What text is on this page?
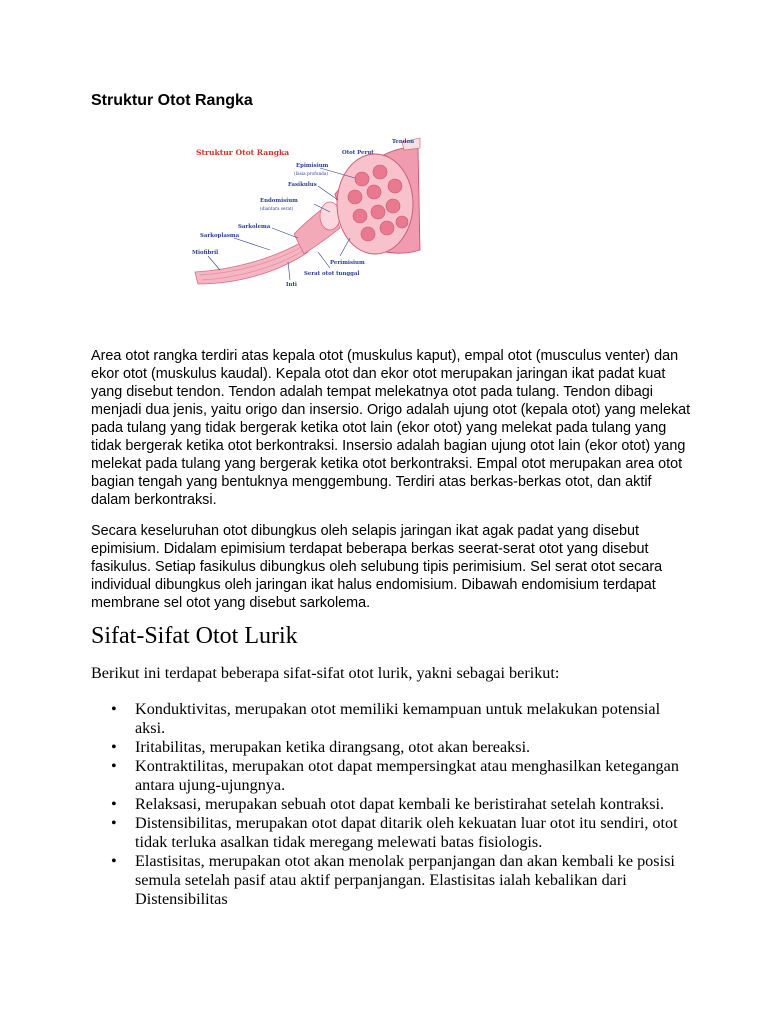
Struktur Otot Rangka
Struktur Otot Rangka
Tendon
Otot Perut
Epimisium
(fasia profunda)
Fasikulus
Endomisium
(diantara serat)
Sarkolema
Sarkoplasma
Miofibril
Perimisium
Serat otot tunggal
Inti

Area otot rangka terdiri atas kepala otot (muskulus kaput), empal otot (musculus venter) dan ekor otot (muskulus kaudal). Kepala otot dan ekor otot merupakan jaringan ikat padat kuat yang disebut tendon. Tendon adalah tempat melekatnya otot pada tulang. Tendon dibagi menjadi dua jenis, yaitu origo dan insersio. Origo adalah ujung otot (kepala otot) yang melekat pada tulang yang tidak bergerak ketika otot lain (ekor otot) yang melekat pada tulang yang tidak bergerak ketika otot berkontraksi. Insersio adalah bagian ujung otot lain (ekor otot) yang melekat pada tulang yang bergerak ketika otot berkontraksi. Empal otot merupakan area otot bagian tengah yang bentuknya menggembung. Terdiri atas berkas-berkas otot, dan aktif dalam berkontraksi.

Secara keseluruhan otot dibungkus oleh selapis jaringan ikat agak padat yang disebut epimisium. Didalam epimisium terdapat beberapa berkas seerat-serat otot yang disebut fasikulus. Setiap fasikulus dibungkus oleh selubung tipis perimisium. Sel serat otot secara individual dibungkus oleh jaringan ikat halus endomisium. Dibawah endomisium terdapat membrane sel otot yang disebut sarkolema.

Sifat-Sifat Otot Lurik

Berikut ini terdapat beberapa sifat-sifat otot lurik, yakni sebagai berikut:

• Konduktivitas, merupakan otot memiliki kemampuan untuk melakukan potensial aksi.
• Iritabilitas, merupakan ketika dirangsang, otot akan bereaksi.
• Kontraktilitas, merupakan otot dapat mempersingkat atau menghasilkan ketegangan antara ujung-ujungnya.
• Relaksasi, merupakan sebuah otot dapat kembali ke beristirahat setelah kontraksi.
• Distensibilitas, merupakan otot dapat ditarik oleh kekuatan luar otot itu sendiri, otot tidak terluka asalkan tidak meregang melewati batas fisiologis.
• Elastisitas, merupakan otot akan menolak perpanjangan dan akan kembali ke posisi semula setelah pasif atau aktif perpanjangan. Elastisitas ialah kebalikan dari Distensibilitas
